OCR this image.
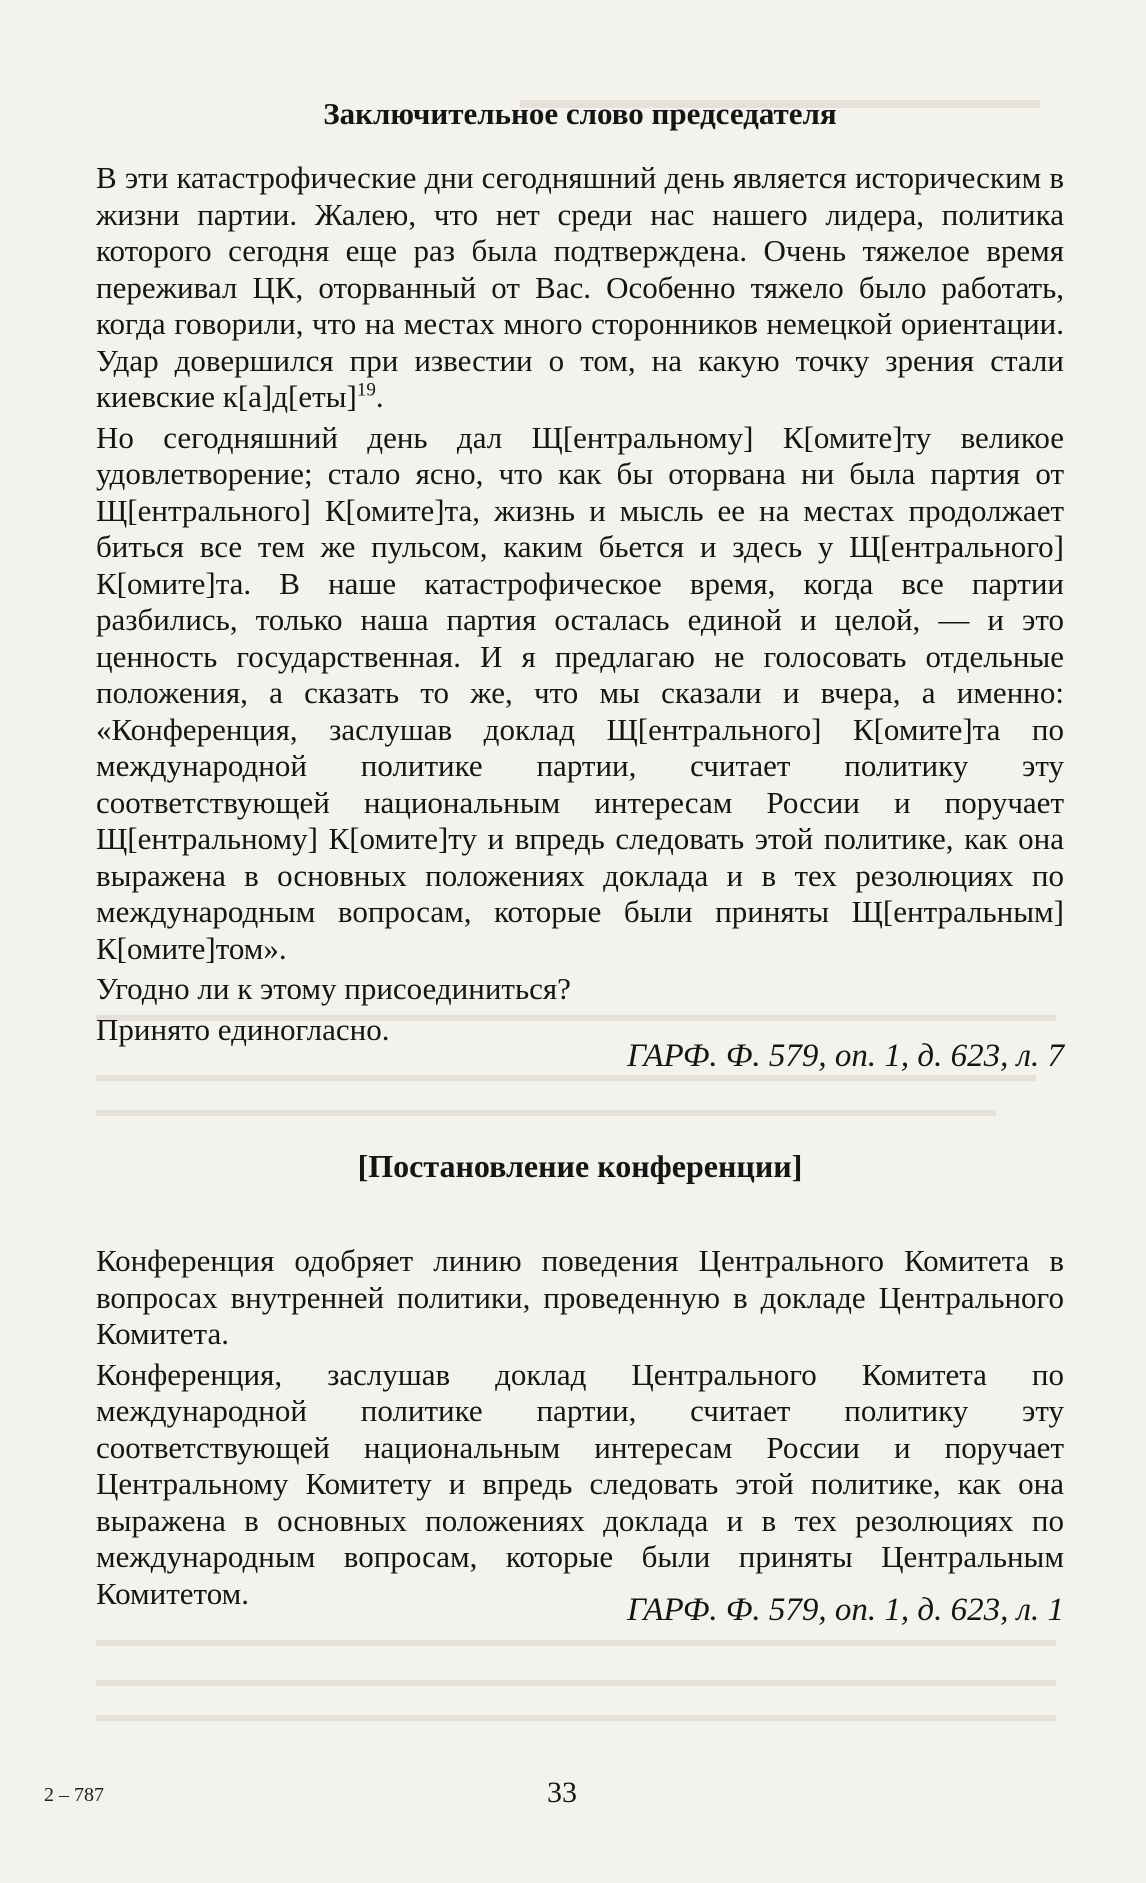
Заключительное слово председателя

В эти катастрофические дни сегодняшний день является историческим в жизни партии. Жалею, что нет среди нас нашего лидера, политика которого сегодня еще раз была подтверждена. Очень тяжелое время переживал ЦК, оторванный от Вас. Особенно тяжело было работать, когда говорили, что на местах много сторонников немецкой ориентации. Удар довершился при известии о том, на какую точку зрения стали киевские к[а]д[еты]$^{19}$.

Но сегодняшний день дал Щ[ентральному] К[омите]ту великое удовлетворение; стало ясно, что как бы оторвана ни была партия от Щ[ентрального] К[омите]та, жизнь и мысль ее на местах продолжает биться все тем же пульсом, каким бьется и здесь у Щ[ентрального] К[омите]та. В наше катастрофическое время, когда все партии разбились, только наша партия осталась единой и целой, — и это ценность государственная. И я предлагаю не голосовать отдельные положения, а сказать то же, что мы сказали и вчера, а именно: «Конференция, заслушав доклад Щ[ентрального] К[омите]та по международной политике партии, считает политику эту соответствующей национальным интересам России и поручает Щ[ентральному] К[омите]ту и впредь следовать этой политике, как она выражена в основных положениях доклада и в тех резолюциях по международным вопросам, которые были приняты Щ[ентральным] К[омите]том».

Угодно ли к этому присоединиться?

Принято единогласно.

ГАРФ. Ф. 579, оп. 1, д. 623, л. 7
[Постановление конференции]

Конференция одобряет линию поведения Центрального Комитета в вопросах внутренней политики, проведенную в докладе Центрального Комитета.

Конференция, заслушав доклад Центрального Комитета по международной политике партии, считает политику эту соответствующей национальным интересам России и поручает Центральному Комитету и впредь следовать этой политике, как она выражена в основных положениях доклада и в тех резолюциях по международным вопросам, которые были приняты Центральным Комитетом.	ГАРФ. Ф. 579, оп. 1, д. 623, л. 1
2 – 787	33
